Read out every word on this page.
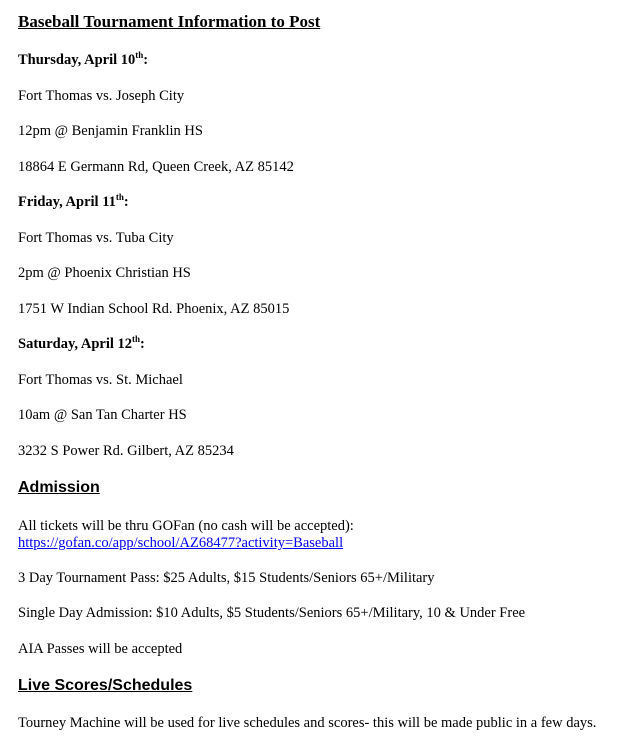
Baseball Tournament Information to Post
Thursday, April 10th:
Fort Thomas vs. Joseph City
12pm @ Benjamin Franklin HS
18864 E Germann Rd, Queen Creek, AZ 85142
Friday, April 11th:
Fort Thomas vs. Tuba City
2pm @ Phoenix Christian HS
1751 W Indian School Rd. Phoenix, AZ 85015
Saturday, April 12th:
Fort Thomas vs. St. Michael
10am @ San Tan Charter HS
3232 S Power Rd. Gilbert, AZ 85234
Admission
All tickets will be thru GOFan (no cash will be accepted):
https://gofan.co/app/school/AZ68477?activity=Baseball
3 Day Tournament Pass: $25 Adults, $15 Students/Seniors 65+/Military
Single Day Admission: $10 Adults, $5 Students/Seniors 65+/Military, 10 & Under Free
AIA Passes will be accepted
Live Scores/Schedules
Tourney Machine will be used for live schedules and scores- this will be made public in a few days.
